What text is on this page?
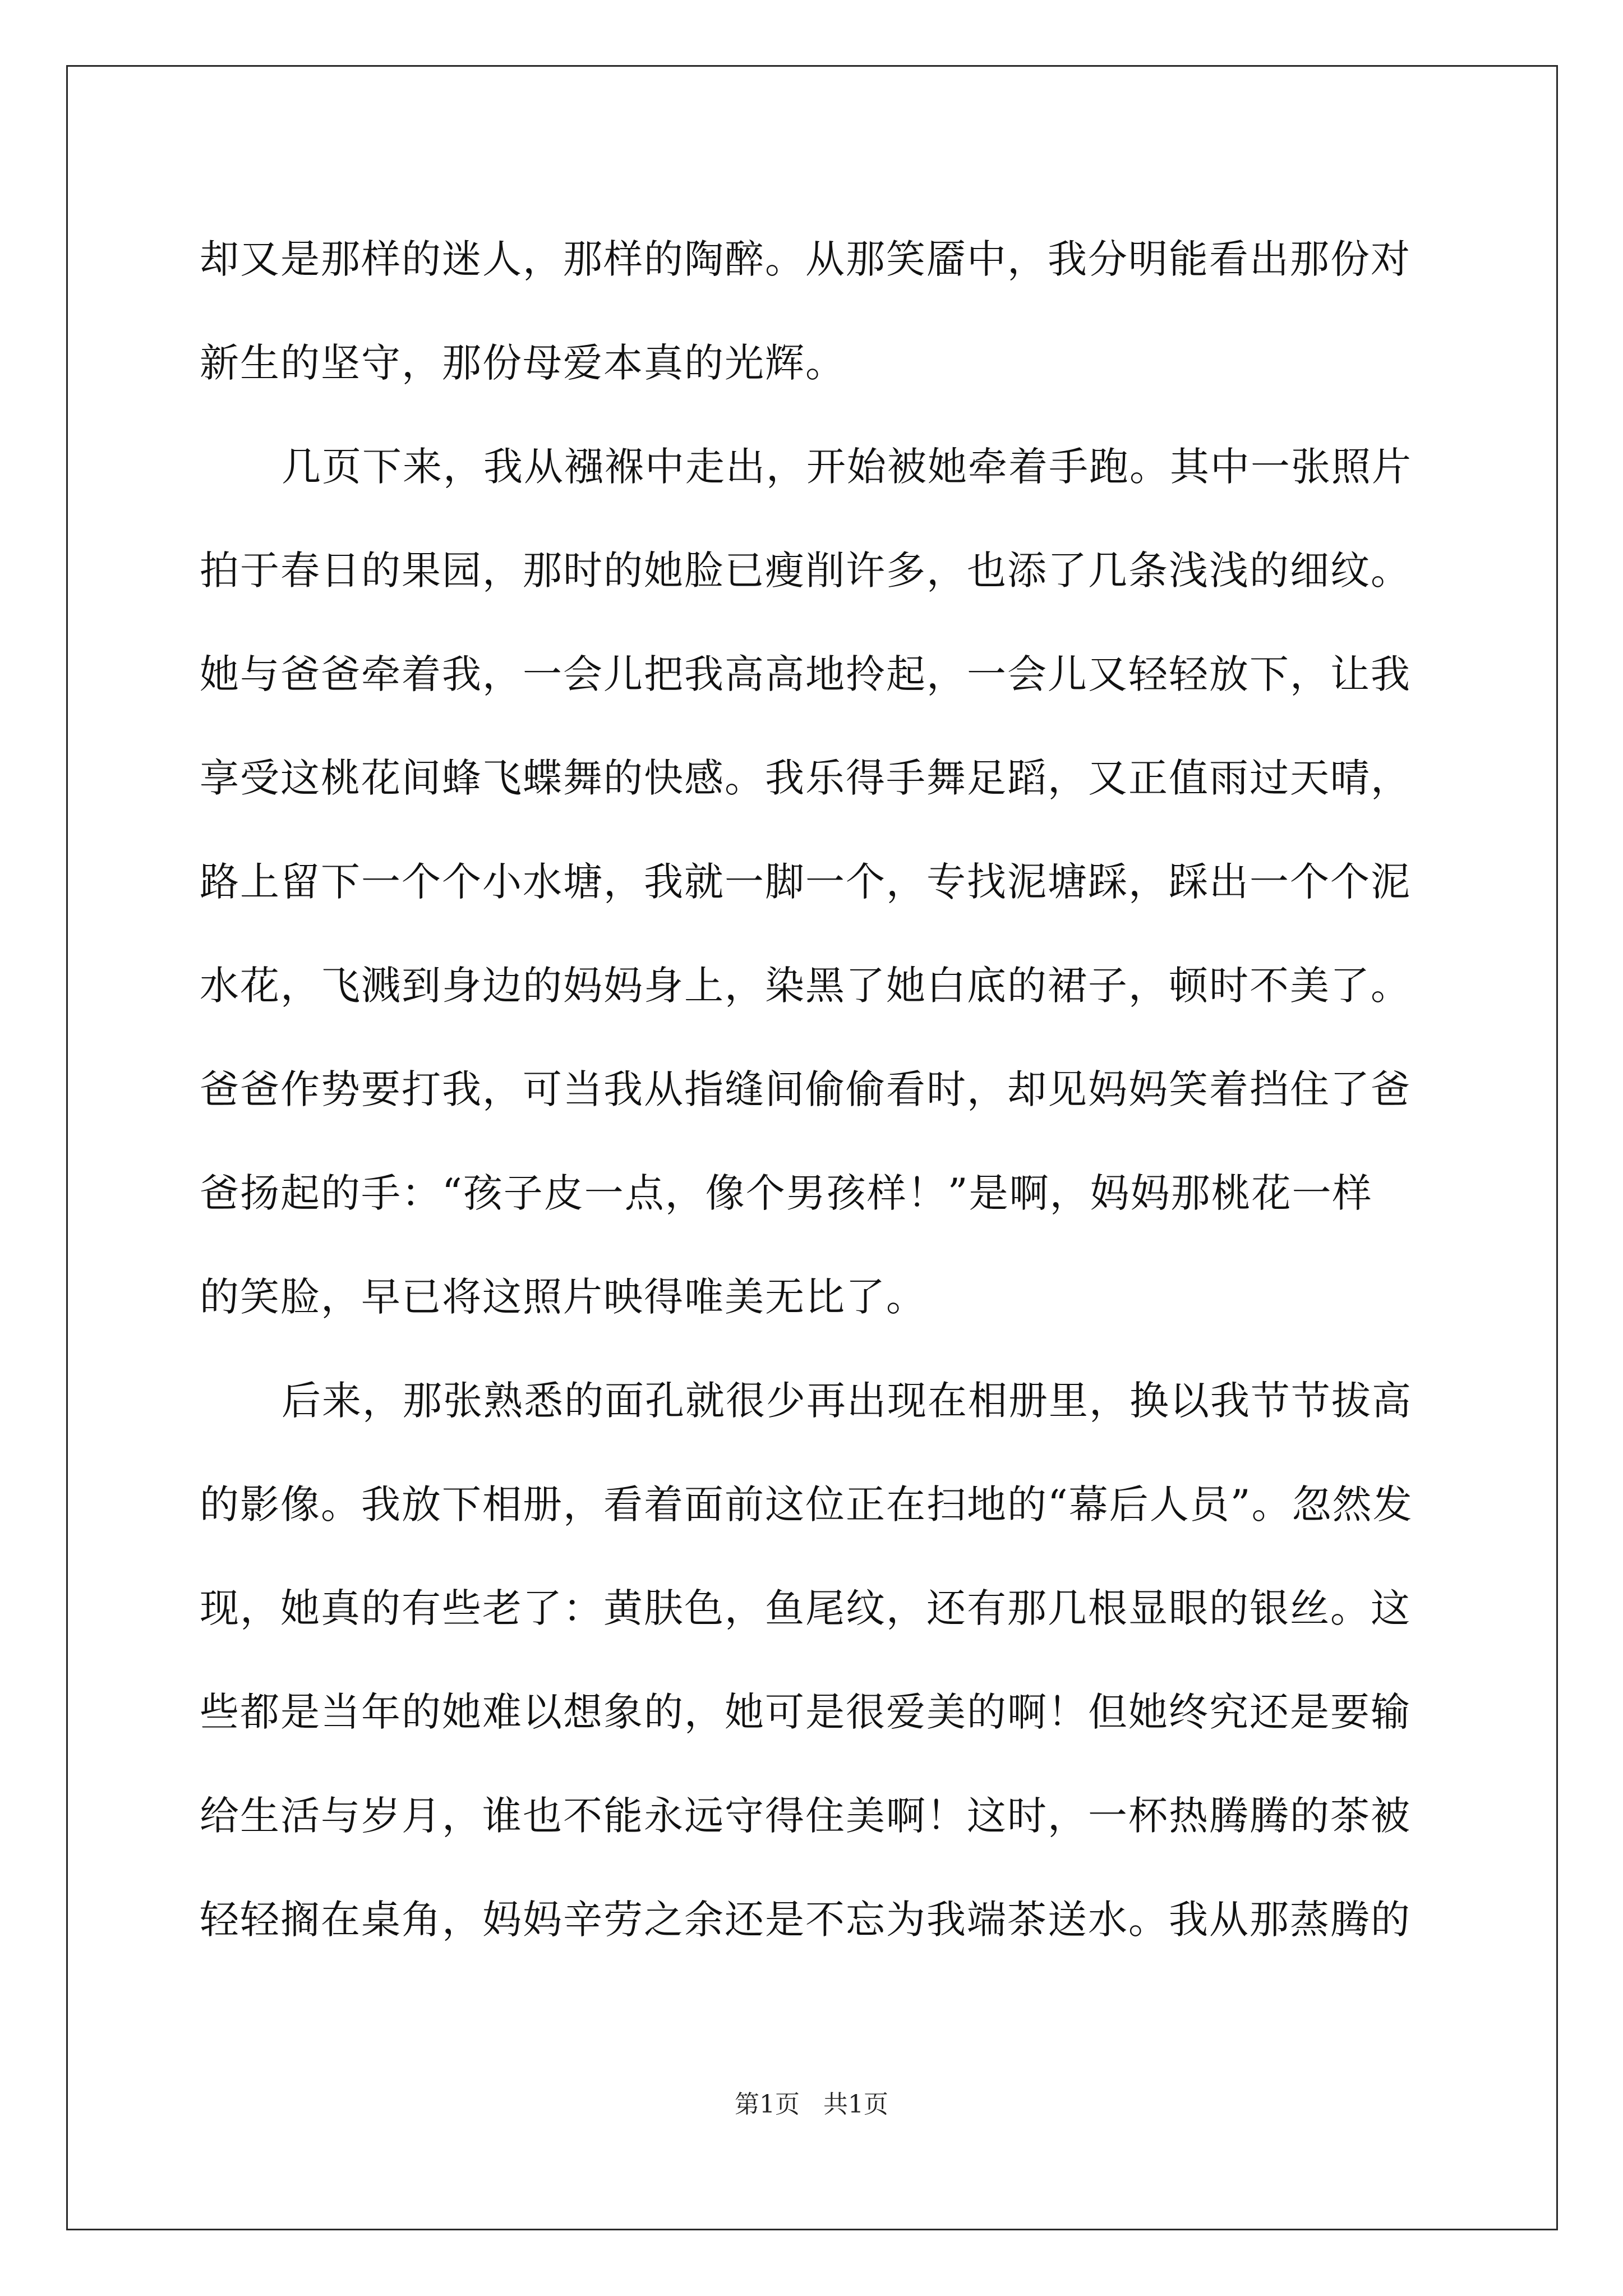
却又是那样的迷人，那样的陶醉。从那笑靥中，我分明能看出那份对
新生的坚守，那份母爱本真的光辉。
几页下来，我从襁褓中走出，开始被她牵着手跑。其中一张照片
拍于春日的果园，那时的她脸已瘦削许多，也添了几条浅浅的细纹。
她与爸爸牵着我，一会儿把我高高地拎起，一会儿又轻轻放下，让我
享受这桃花间蜂飞蝶舞的快感。我乐得手舞足蹈，又正值雨过天晴，
路上留下一个个小水塘，我就一脚一个，专找泥塘踩，踩出一个个泥
水花，飞溅到身边的妈妈身上，染黑了她白底的裙子，顿时不美了。
爸爸作势要打我，可当我从指缝间偷偷看时，却见妈妈笑着挡住了爸
爸扬起的手：“孩子皮一点，像个男孩样！”是啊，妈妈那桃花一样
的笑脸，早已将这照片映得唯美无比了。
后来，那张熟悉的面孔就很少再出现在相册里，换以我节节拔高
的影像。我放下相册，看着面前这位正在扫地的“幕后人员”。忽然发
现，她真的有些老了：黄肤色，鱼尾纹，还有那几根显眼的银丝。这
些都是当年的她难以想象的，她可是很爱美的啊！但她终究还是要输
给生活与岁月，谁也不能永远守得住美啊！这时，一杯热腾腾的茶被
轻轻搁在桌角，妈妈辛劳之余还是不忘为我端茶送水。我从那蒸腾的
第1页   共1页
